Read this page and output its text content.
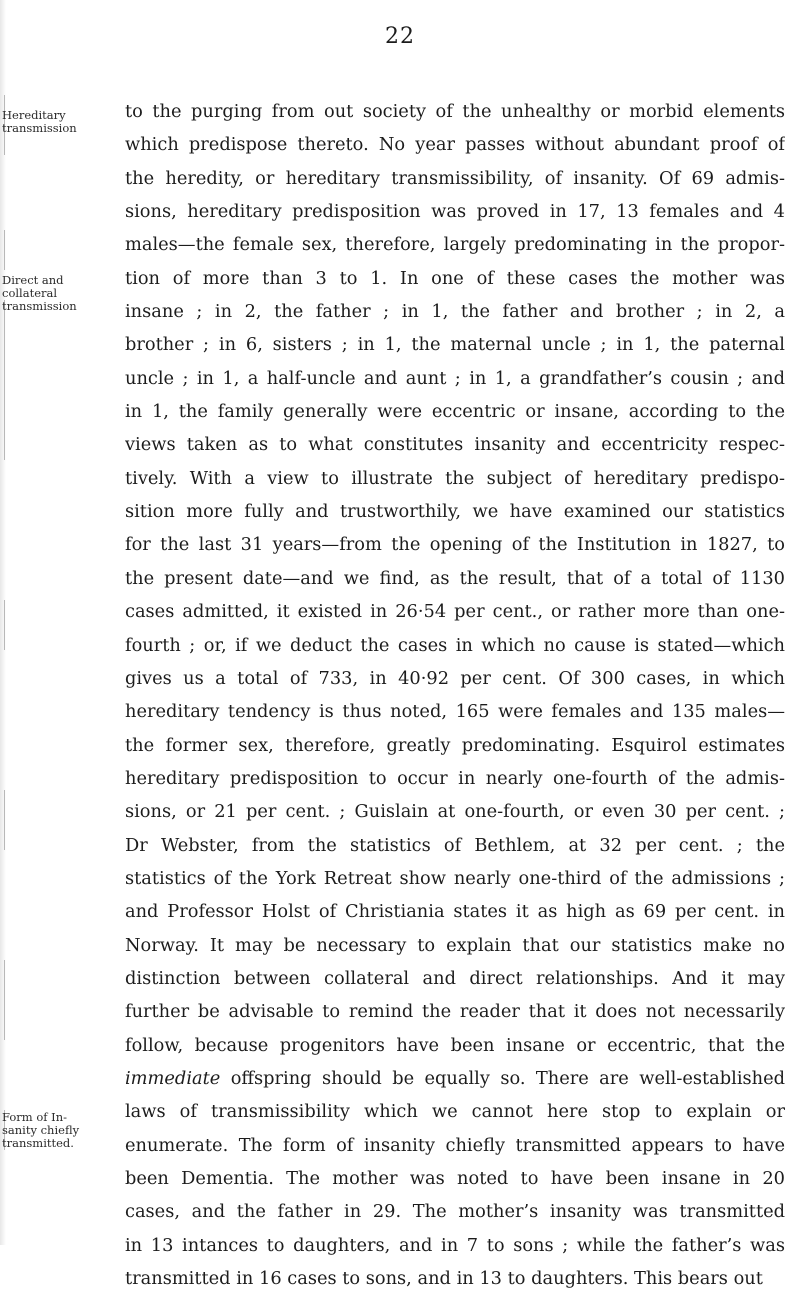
22
Hereditary
transmission
Direct and
collateral
transmission
Form of In-
sanity chiefly
transmitted.
to the purging from out society of the unhealthy or morbid elements
which predispose thereto. No year passes without abundant proof of
the heredity, or hereditary transmissibility, of insanity. Of 69 admis-
sions, hereditary predisposition was proved in 17, 13 females and 4
males—the female sex, therefore, largely predominating in the propor-
tion of more than 3 to 1. In one of these cases the mother was
insane ; in 2, the father ; in 1, the father and brother ; in 2, a
brother ; in 6, sisters ; in 1, the maternal uncle ; in 1, the paternal
uncle ; in 1, a half-uncle and aunt ; in 1, a grandfather’s cousin ; and
in 1, the family generally were eccentric or insane, according to the
views taken as to what constitutes insanity and eccentricity respec-
tively. With a view to illustrate the subject of hereditary predispo-
sition more fully and trustworthily, we have examined our statistics
for the last 31 years—from the opening of the Institution in 1827, to
the present date—and we find, as the result, that of a total of 1130
cases admitted, it existed in 26·54 per cent., or rather more than one-
fourth ; or, if we deduct the cases in which no cause is stated—which
gives us a total of 733, in 40·92 per cent. Of 300 cases, in which
hereditary tendency is thus noted, 165 were females and 135 males—
the former sex, therefore, greatly predominating. Esquirol estimates
hereditary predisposition to occur in nearly one-fourth of the admis-
sions, or 21 per cent. ; Guislain at one-fourth, or even 30 per cent. ;
Dr Webster, from the statistics of Bethlem, at 32 per cent. ; the
statistics of the York Retreat show nearly one-third of the admissions ;
and Professor Holst of Christiania states it as high as 69 per cent. in
Norway. It may be necessary to explain that our statistics make no
distinction between collateral and direct relationships. And it may
further be advisable to remind the reader that it does not necessarily
follow, because progenitors have been insane or eccentric, that the
immediate offspring should be equally so. There are well-established
laws of transmissibility which we cannot here stop to explain or
enumerate. The form of insanity chiefly transmitted appears to have
been Dementia. The mother was noted to have been insane in 20
cases, and the father in 29. The mother’s insanity was transmitted
in 13 intances to daughters, and in 7 to sons ; while the father’s was
transmitted in 16 cases to sons, and in 13 to daughters. This bears out
